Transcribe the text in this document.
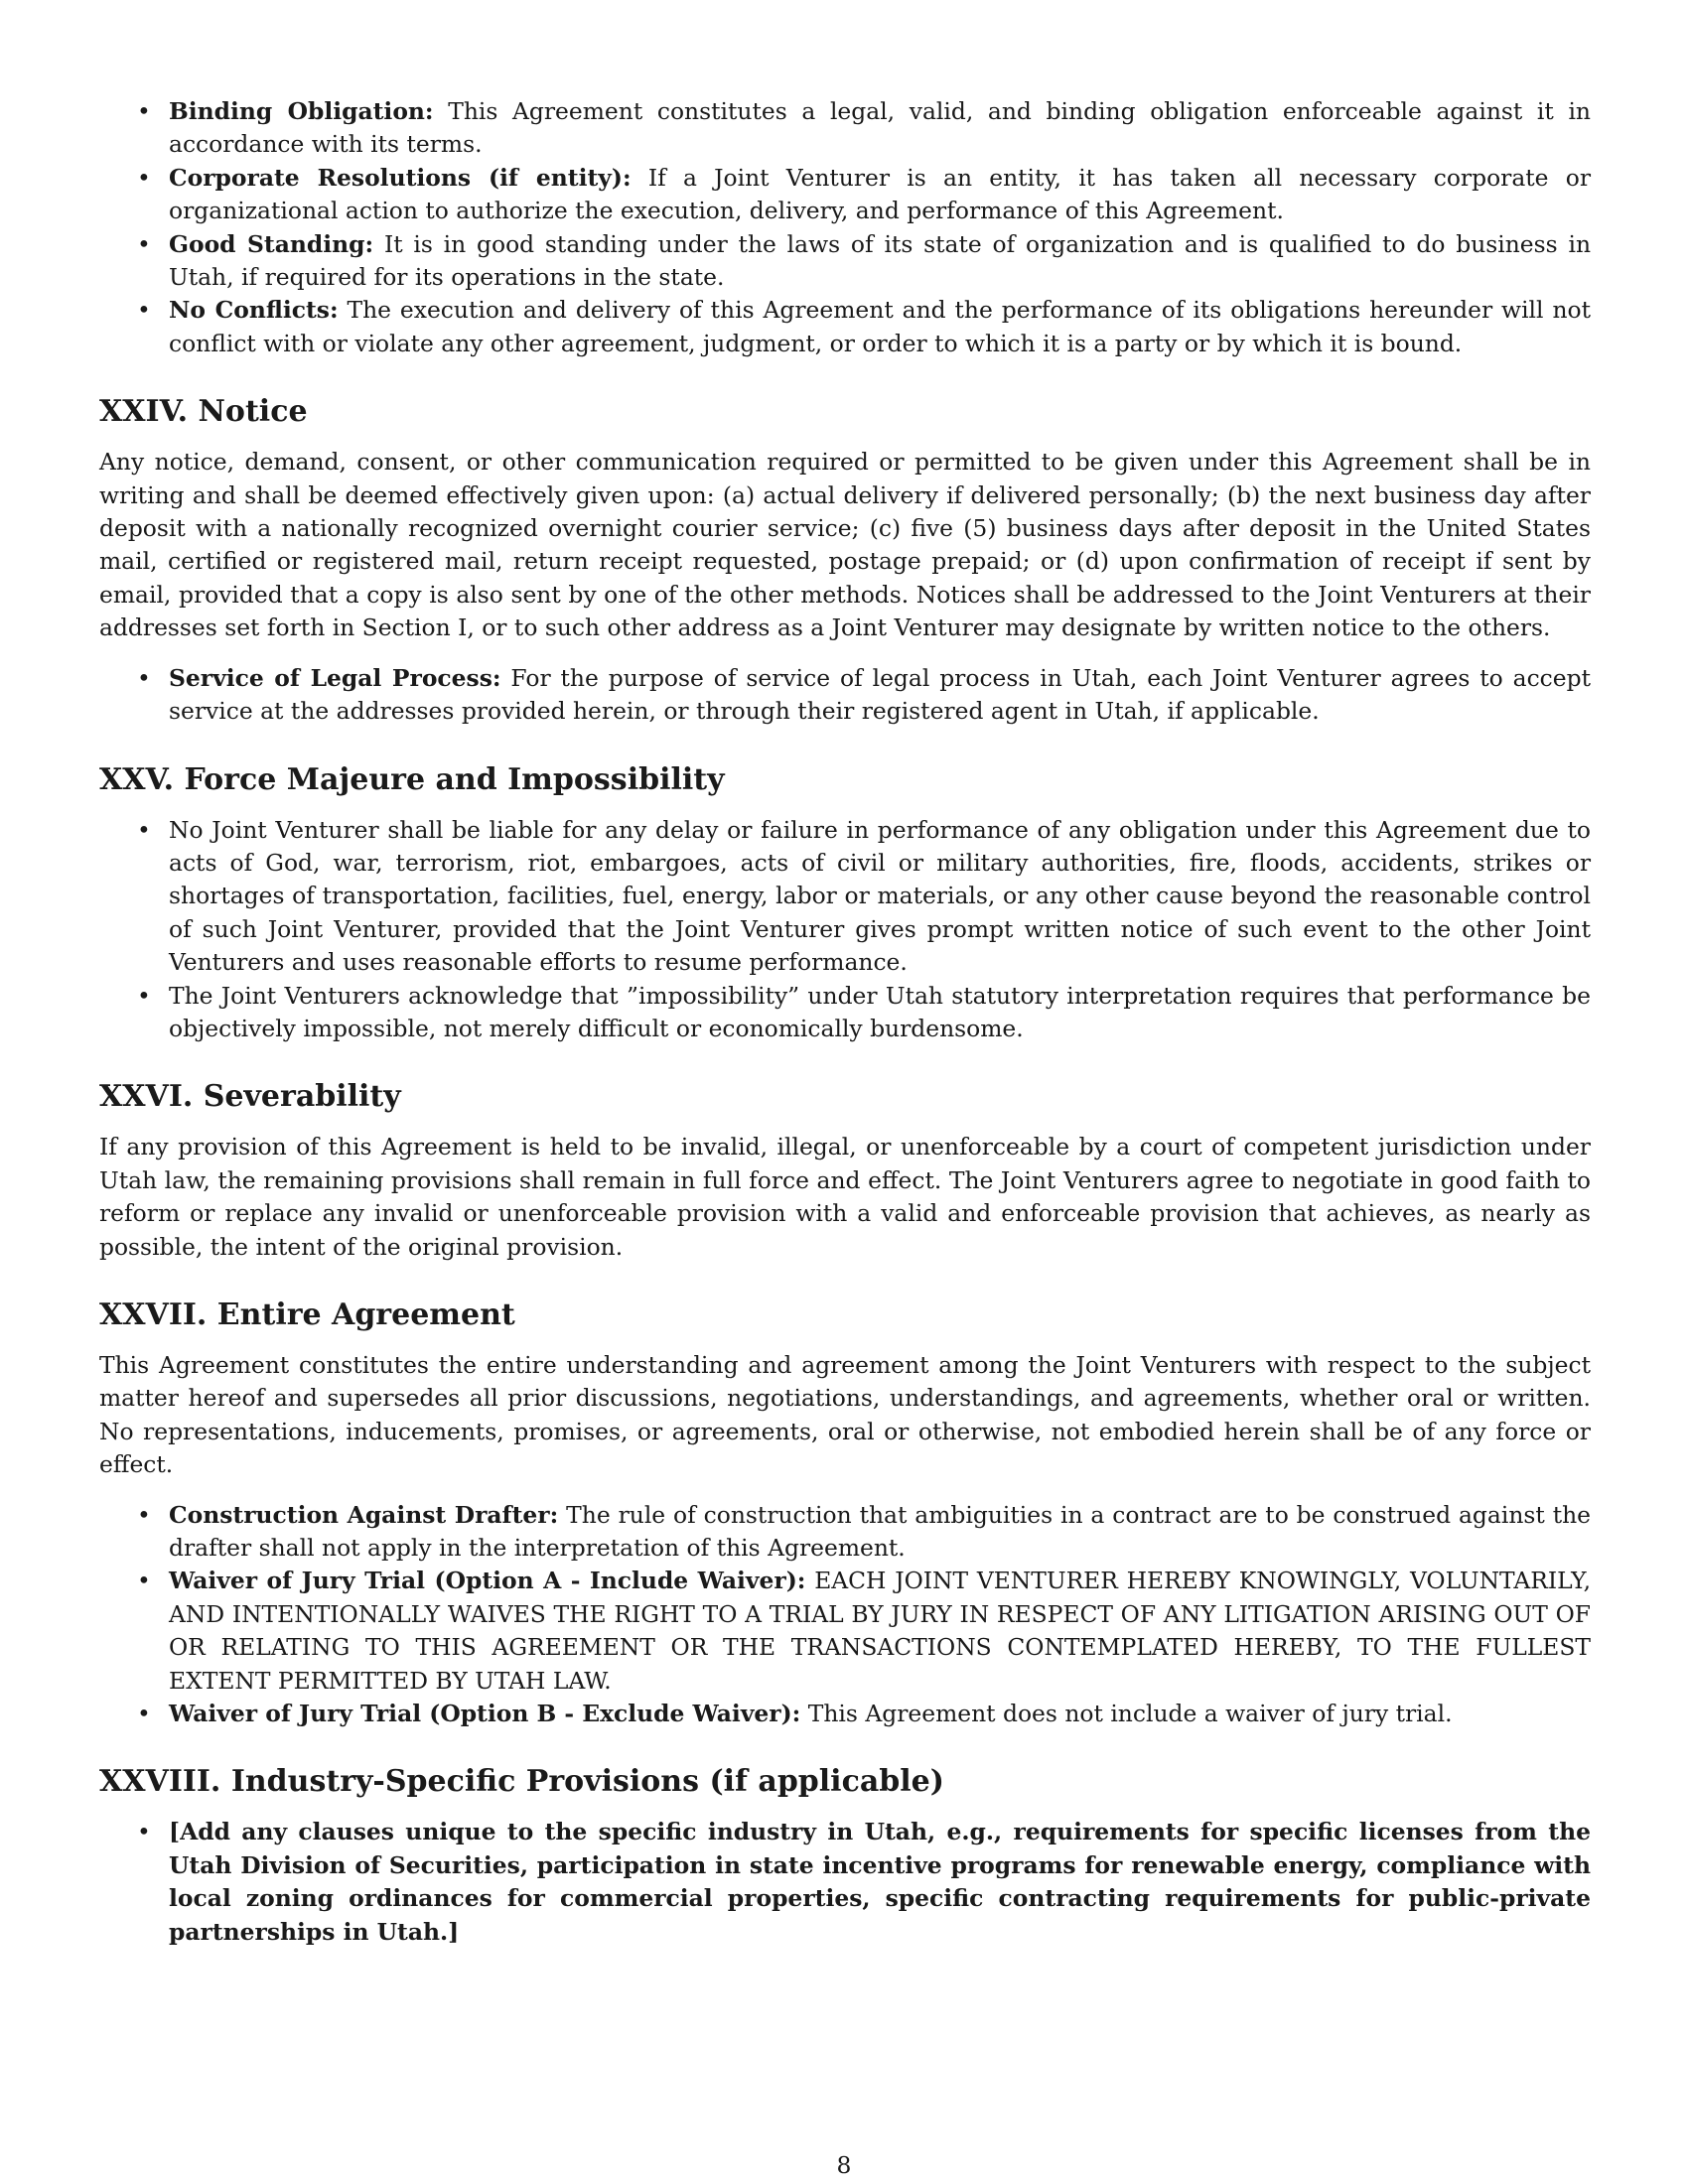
• Binding Obligation: This Agreement constitutes a legal, valid, and binding obligation enforceable against it in accordance with its terms.
• Corporate Resolutions (if entity): If a Joint Venturer is an entity, it has taken all necessary corporate or organizational action to authorize the execution, delivery, and performance of this Agreement.
• Good Standing: It is in good standing under the laws of its state of organization and is qualified to do business in Utah, if required for its operations in the state.
• No Conflicts: The execution and delivery of this Agreement and the performance of its obligations hereunder will not conflict with or violate any other agreement, judgment, or order to which it is a party or by which it is bound.
XXIV. Notice

Any notice, demand, consent, or other communication required or permitted to be given under this Agreement shall be in writing and shall be deemed effectively given upon: (a) actual delivery if delivered personally; (b) the next business day after deposit with a nationally recognized overnight courier service; (c) five (5) business days after deposit in the United States mail, certified or registered mail, return receipt requested, postage prepaid; or (d) upon confirmation of receipt if sent by email, provided that a copy is also sent by one of the other methods. Notices shall be addressed to the Joint Venturers at their addresses set forth in Section I, or to such other address as a Joint Venturer may designate by written notice to the others.

• Service of Legal Process: For the purpose of service of legal process in Utah, each Joint Venturer agrees to accept service at the addresses provided herein, or through their registered agent in Utah, if applicable.
XXV. Force Majeure and Impossibility
• No Joint Venturer shall be liable for any delay or failure in performance of any obligation under this Agreement due to acts of God, war, terrorism, riot, embargoes, acts of civil or military authorities, fire, floods, accidents, strikes or shortages of transportation, facilities, fuel, energy, labor or materials, or any other cause beyond the reasonable control of such Joint Venturer, provided that the Joint Venturer gives prompt written notice of such event to the other Joint Venturers and uses reasonable efforts to resume performance.
• The Joint Venturers acknowledge that ”impossibility” under Utah statutory interpretation requires that performance be objectively impossible, not merely difficult or economically burdensome.
XXVI. Severability

If any provision of this Agreement is held to be invalid, illegal, or unenforceable by a court of competent jurisdiction under Utah law, the remaining provisions shall remain in full force and effect. The Joint Venturers agree to negotiate in good faith to reform or replace any invalid or unenforceable provision with a valid and enforceable provision that achieves, as nearly as possible, the intent of the original provision.

XXVII. Entire Agreement

This Agreement constitutes the entire understanding and agreement among the Joint Venturers with respect to the subject matter hereof and supersedes all prior discussions, negotiations, understandings, and agreements, whether oral or written. No representations, inducements, promises, or agreements, oral or otherwise, not embodied herein shall be of any force or effect.

• Construction Against Drafter: The rule of construction that ambiguities in a contract are to be construed against the drafter shall not apply in the interpretation of this Agreement.
• Waiver of Jury Trial (Option A - Include Waiver): EACH JOINT VENTURER HEREBY KNOWINGLY, VOLUNTARILY, AND INTENTIONALLY WAIVES THE RIGHT TO A TRIAL BY JURY IN RESPECT OF ANY LITIGATION ARISING OUT OF OR RELATING TO THIS AGREEMENT OR THE TRANSACTIONS CONTEMPLATED HEREBY, TO THE FULLEST EXTENT PERMITTED BY UTAH LAW.
• Waiver of Jury Trial (Option B - Exclude Waiver): This Agreement does not include a waiver of jury trial.
XXVIII. Industry-Specific Provisions (if applicable)
• [Add any clauses unique to the specific industry in Utah, e.g., requirements for specific licenses from the Utah Division of Securities, participation in state incentive programs for renewable energy, compliance with local zoning ordinances for commercial properties, specific contracting requirements for public-private partnerships in Utah.]
8
